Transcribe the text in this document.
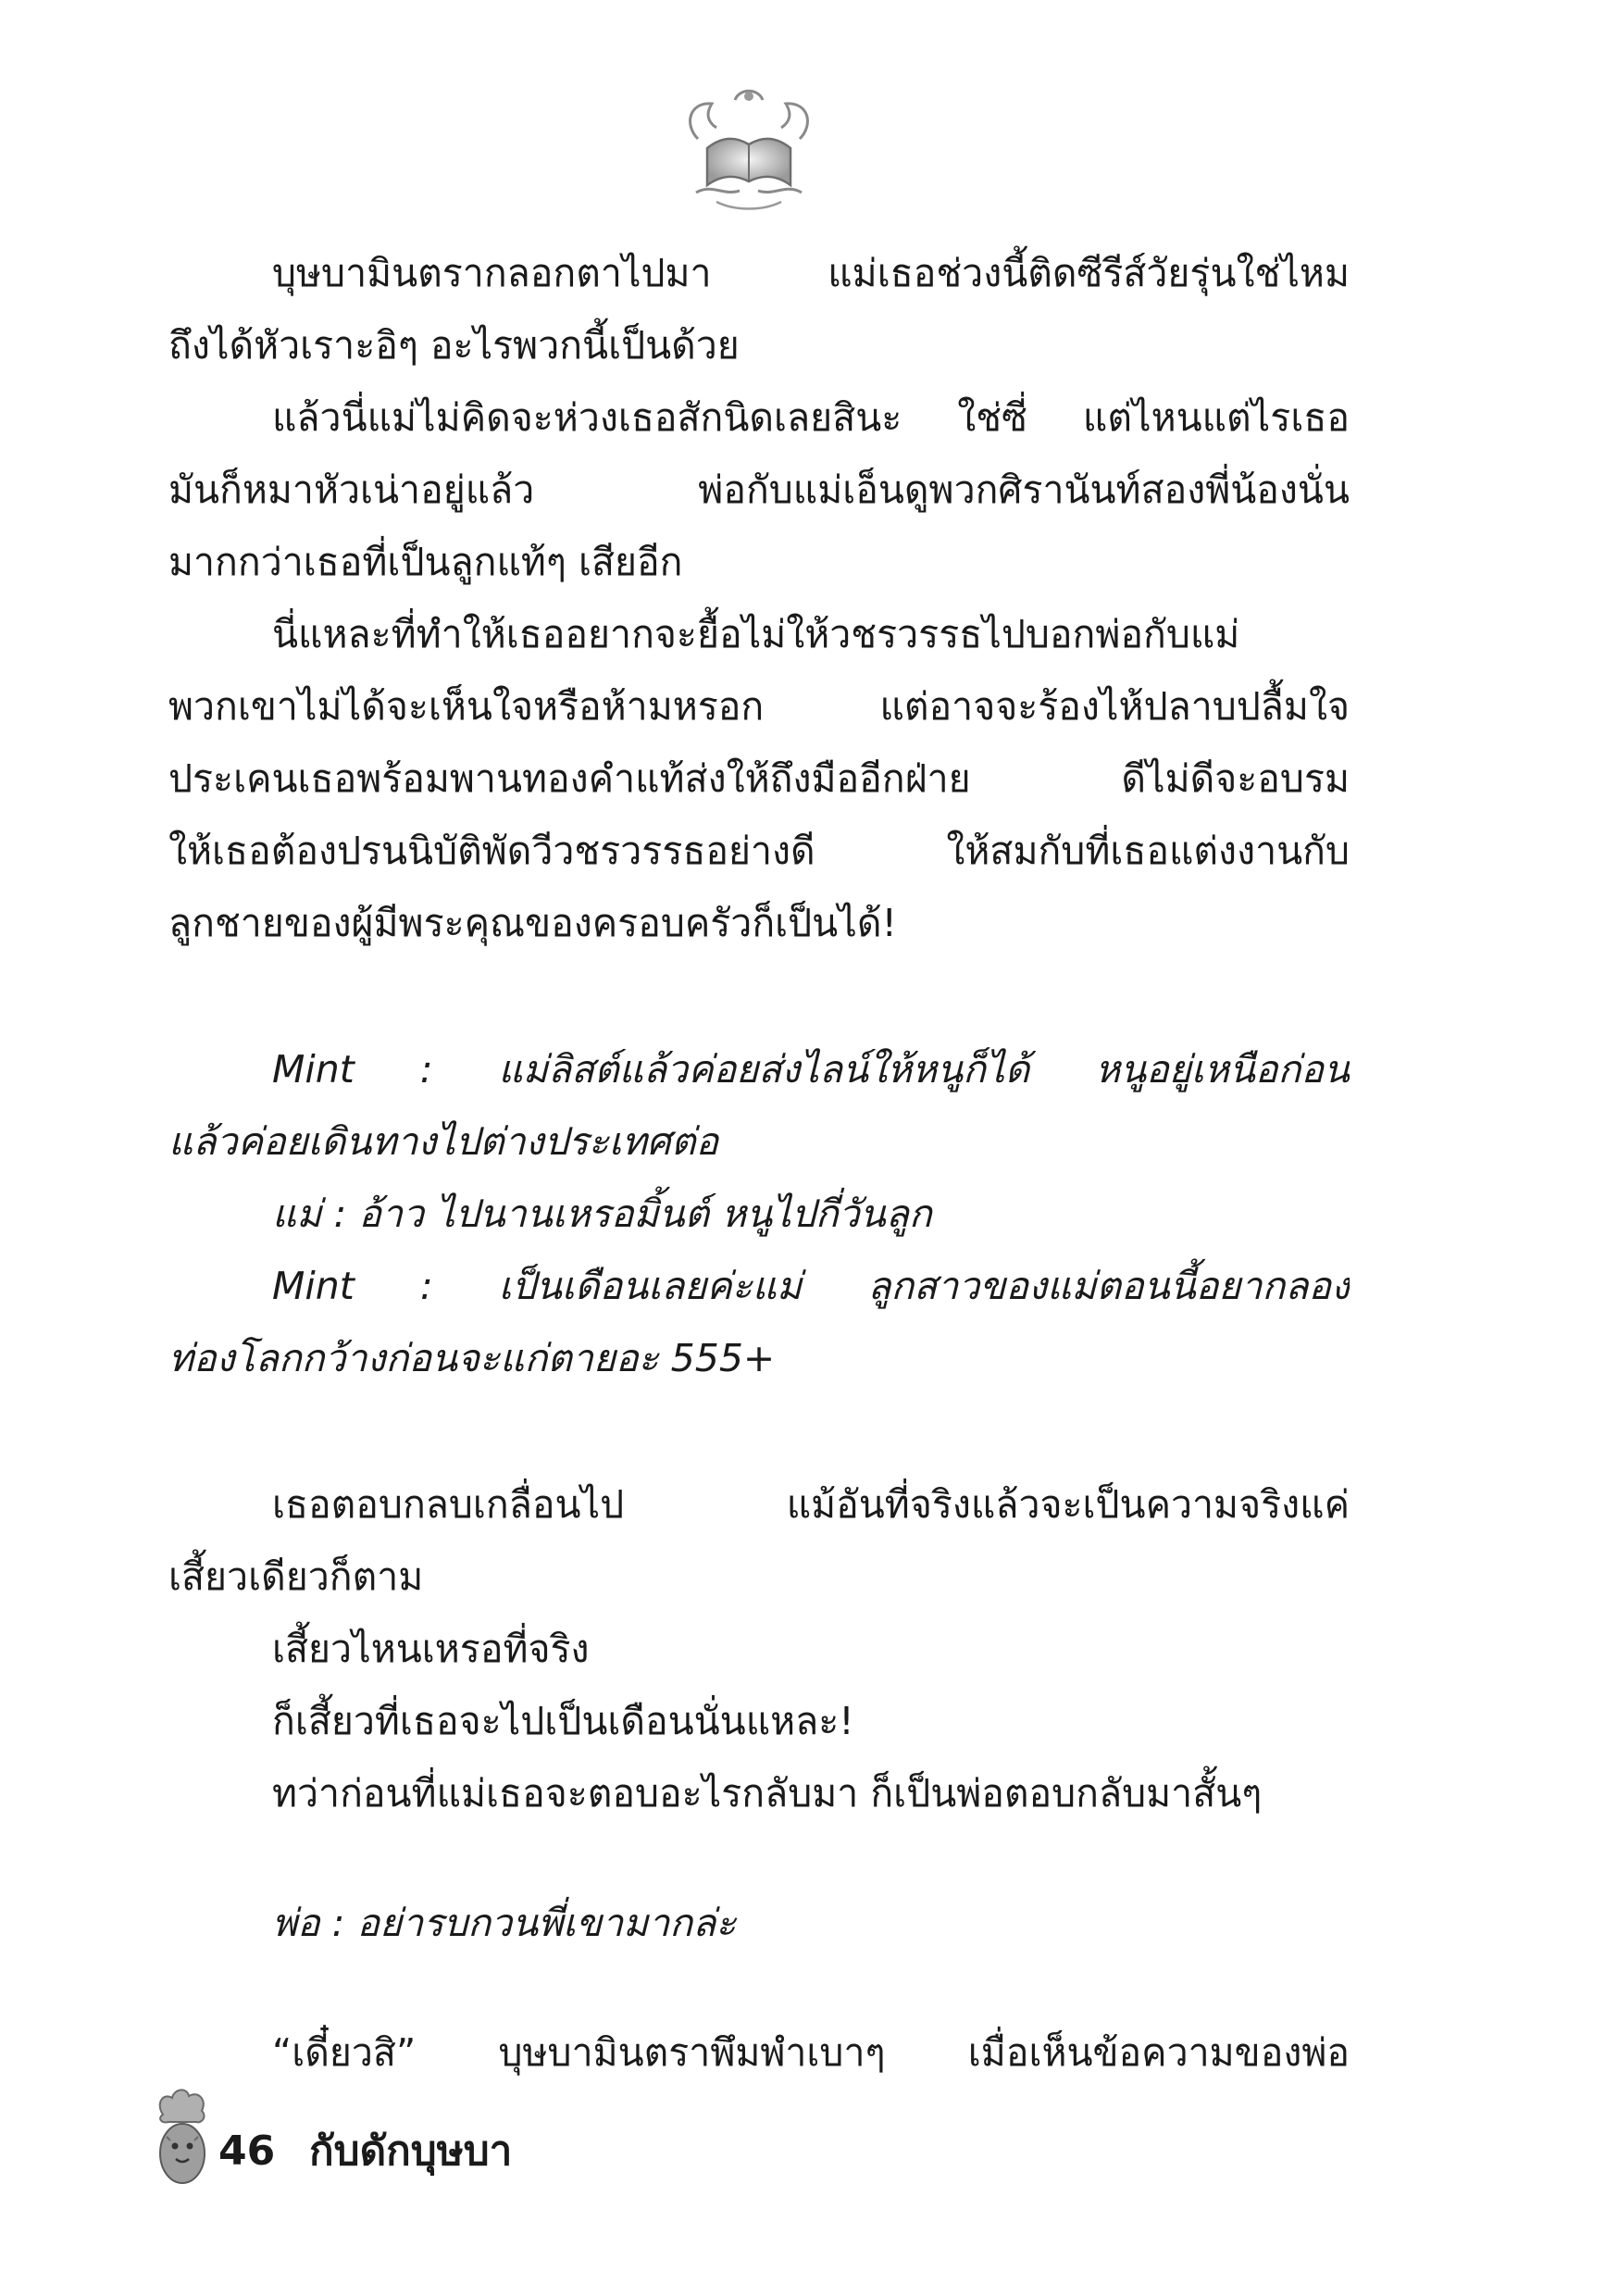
บุษบามินตรากลอกตาไปมา แม่เธอช่วงนี้ติดซีรีส์วัยรุ่นใช่ไหม
ถึงได้หัวเราะอิๆ อะไรพวกนี้เป็นด้วย
แล้วนี่แม่ไม่คิดจะห่วงเธอสักนิดเลยสินะ ใช่ซี่ แต่ไหนแต่ไรเธอ
มันก็หมาหัวเน่าอยู่แล้ว พ่อกับแม่เอ็นดูพวกศิรานันท์สองพี่น้องนั่น
มากกว่าเธอที่เป็นลูกแท้ๆ เสียอีก
นี่แหละที่ทำให้เธออยากจะยื้อไม่ให้วชรวรรธไปบอกพ่อกับแม่
พวกเขาไม่ได้จะเห็นใจหรือห้ามหรอก แต่อาจจะร้องไห้ปลาบปลื้มใจ
ประเคนเธอพร้อมพานทองคำแท้ส่งให้ถึงมืออีกฝ่าย ดีไม่ดีจะอบรม
ให้เธอต้องปรนนิบัติพัดวีวชรวรรธอย่างดี ให้สมกับที่เธอแต่งงานกับ
ลูกชายของผู้มีพระคุณของครอบครัวก็เป็นได้!
Mint : แม่ลิสต์แล้วค่อยส่งไลน์ให้หนูก็ได้ หนูอยู่เหนือก่อน
แล้วค่อยเดินทางไปต่างประเทศต่อ
แม่ : อ้าว ไปนานเหรอมิ้นต์ หนูไปกี่วันลูก
Mint : เป็นเดือนเลยค่ะแม่ ลูกสาวของแม่ตอนนี้อยากลอง
ท่องโลกกว้างก่อนจะแก่ตายอะ 555+
เธอตอบกลบเกลื่อนไป แม้อันที่จริงแล้วจะเป็นความจริงแค่
เสี้ยวเดียวก็ตาม
เสี้ยวไหนเหรอที่จริง
ก็เสี้ยวที่เธอจะไปเป็นเดือนนั่นแหละ!
ทว่าก่อนที่แม่เธอจะตอบอะไรกลับมา ก็เป็นพ่อตอบกลับมาสั้นๆ
พ่อ : อย่ารบกวนพี่เขามากล่ะ
“เดี๋ยวสิ” บุษบามินตราพึมพำเบาๆ เมื่อเห็นข้อความของพ่อ
46 กับดักบุษบา
